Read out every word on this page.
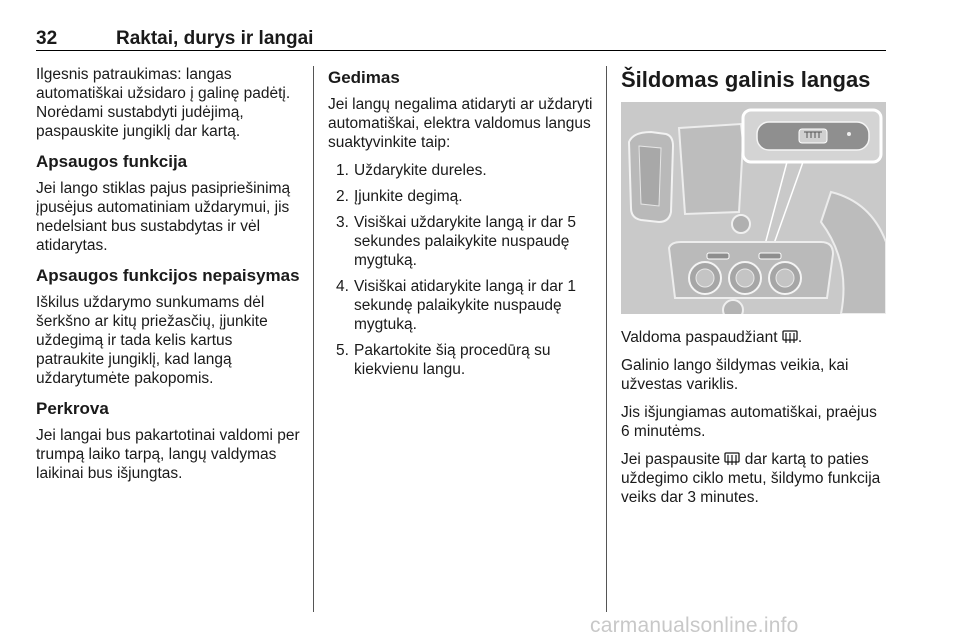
32	Raktai, durys ir langai

Ilgesnis patraukimas: langas automatiškai užsidaro į galinę padėtį. Norėdami sustabdyti judėjimą, paspauskite jungiklį dar kartą.

Apsaugos funkcija

Jei lango stiklas pajus pasipriešinimą įpusėjus automatiniam uždarymui, jis nedelsiant bus sustabdytas ir vėl atidarytas.

Apsaugos funkcijos nepaisymas

Iškilus uždarymo sunkumams dėl šerkšno ar kitų priežasčių, įjunkite uždegimą ir tada kelis kartus patraukite jungiklį, kad langą uždarytumėte pakopomis.

Perkrova

Jei langai bus pakartotinai valdomi per trumpą laiko tarpą, langų valdymas laikinai bus išjungtas.

Gedimas

Jei langų negalima atidaryti ar uždaryti automatiškai, elektra valdomus langus suaktyvinkite taip:

1. Uždarykite dureles.
2. Įjunkite degimą.
3. Visiškai uždarykite langą ir dar 5 sekundes palaikykite nuspaudę mygtuką.
4. Visiškai atidarykite langą ir dar 1 sekundę palaikykite nuspaudę mygtuką.
5. Pakartokite šią procedūrą su kiekvienu langu.
Šildomas galinis langas

Valdoma paspaudžiant .

Galinio lango šildymas veikia, kai užvestas variklis.

Jis išjungiamas automatiškai, praėjus 6 minutėms.

Jei paspausite dar kartą to paties uždegimo ciklo metu, šildymo funkcija veiks dar 3 minutes.

carmanualsonline.info
